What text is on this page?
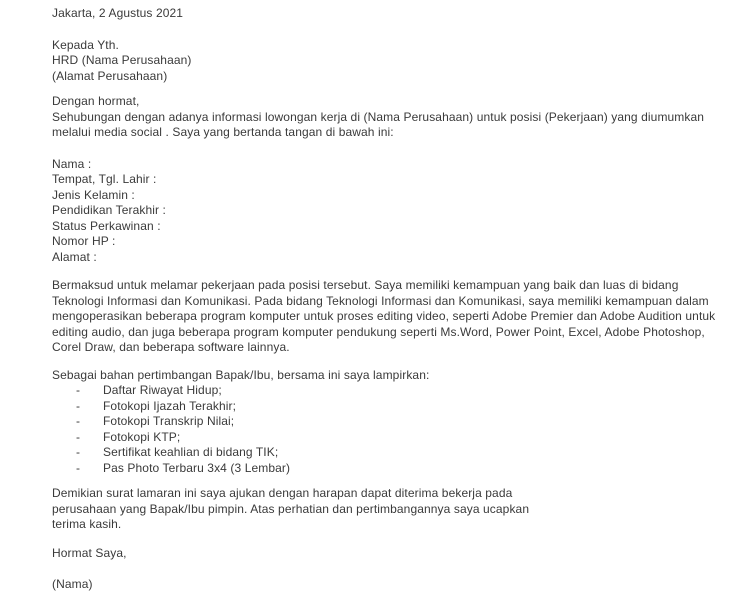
Jakarta, 2 Agustus 2021
Kepada Yth.
HRD (Nama Perusahaan)
(Alamat Perusahaan)
Dengan hormat,
Sehubungan dengan adanya informasi lowongan kerja di (Nama Perusahaan) untuk posisi (Pekerjaan) yang diumumkan
melalui media social . Saya yang bertanda tangan di bawah ini:
Nama :
Tempat, Tgl. Lahir :
Jenis Kelamin :
Pendidikan Terakhir :
Status Perkawinan :
Nomor HP :
Alamat :
Bermaksud untuk melamar pekerjaan pada posisi tersebut. Saya memiliki kemampuan yang baik dan luas di bidang
Teknologi Informasi dan Komunikasi. Pada bidang Teknologi Informasi dan Komunikasi, saya memiliki kemampuan dalam
mengoperasikan beberapa program komputer untuk proses editing video, seperti Adobe Premier dan Adobe Audition untuk
editing audio, dan juga beberapa program komputer pendukung seperti Ms.Word, Power Point, Excel, Adobe Photoshop,
Corel Draw, dan beberapa software lainnya.
Sebagai bahan pertimbangan Bapak/Ibu, bersama ini saya lampirkan:
-	Daftar Riwayat Hidup;
-	Fotokopi Ijazah Terakhir;
-	Fotokopi Transkrip Nilai;
-	Fotokopi KTP;
-	Sertifikat keahlian di bidang TIK;
-	Pas Photo Terbaru 3x4 (3 Lembar)
Demikian surat lamaran ini saya ajukan dengan harapan dapat diterima bekerja pada
perusahaan yang Bapak/Ibu pimpin. Atas perhatian dan pertimbangannya saya ucapkan
terima kasih.
Hormat Saya,
(Nama)
